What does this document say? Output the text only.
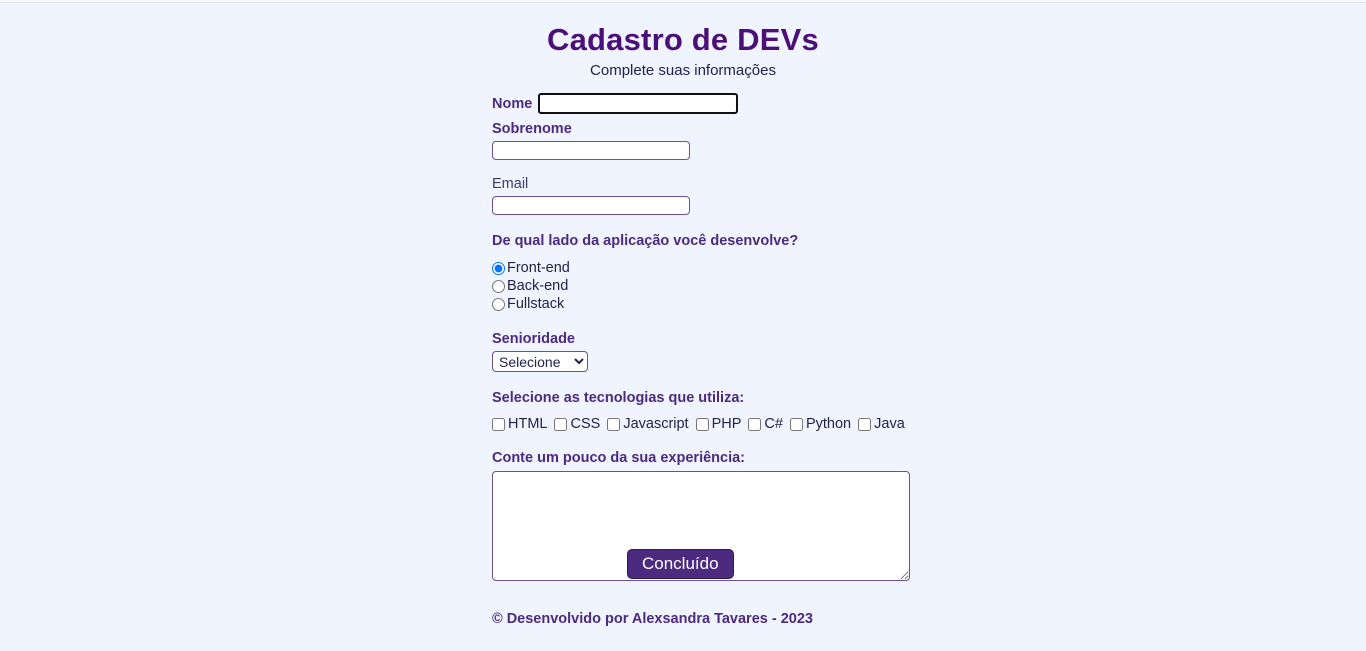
Cadastro de DEVs

Complete suas informações

Nome
Sobrenome
Email
De qual lado da aplicação você desenvolve?
Front-end
Back-end
Fullstack
Senioridade
Selecione
Selecione as tecnologias que utiliza:
HTML CSS Javascript PHP C# Python Java
Conte um pouco da sua experiência:
Concluído
© Desenvolvido por Alexsandra Tavares - 2023
